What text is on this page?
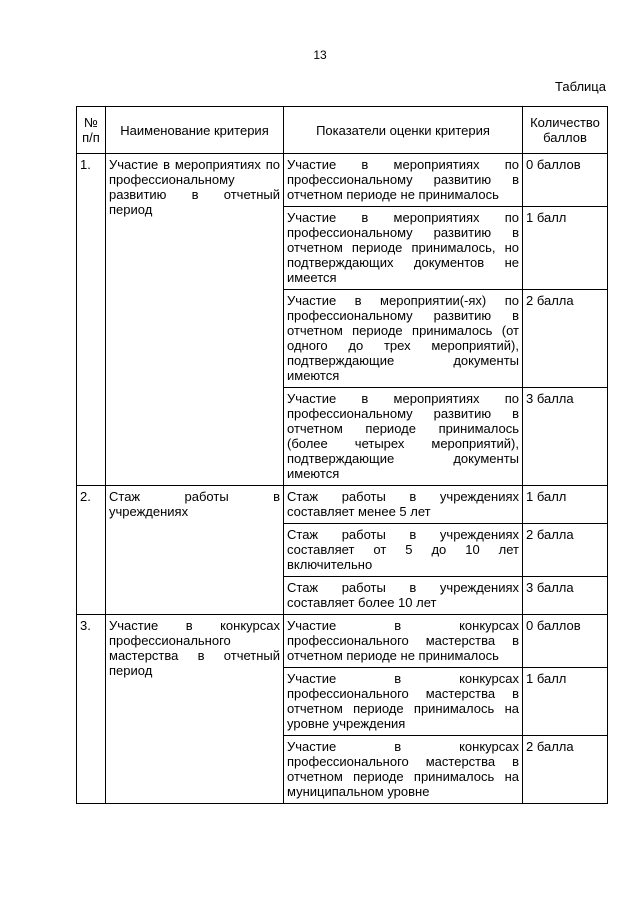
13
Таблица
№ п/п	Наименование критерия	Показатели оценки критерия	Количество баллов
1.	Участие в мероприятиях по профессиональному развитию в отчетный период	Участие в мероприятиях по профессиональному развитию в отчетном периоде не принималось	0 баллов
		Участие в мероприятиях по профессиональному развитию в отчетном периоде принималось, но подтверждающих документов не имеется	1 балл
		Участие в мероприятии(-ях) по профессиональному развитию в отчетном периоде принималось (от одного до трех мероприятий), подтверждающие документы имеются	2 балла
		Участие в мероприятиях по профессиональному развитию в отчетном периоде принималось (более четырех мероприятий), подтверждающие документы имеются	3 балла
2.	Стаж работы в учреждениях	Стаж работы в учреждениях составляет менее 5 лет	1 балл
		Стаж работы в учреждениях составляет от 5 до 10 лет включительно	2 балла
		Стаж работы в учреждениях составляет более 10 лет	3 балла
3.	Участие в конкурсах профессионального мастерства в отчетный период	Участие в конкурсах профессионального мастерства в отчетном периоде не принималось	0 баллов
		Участие в конкурсах профессионального мастерства в отчетном периоде принималось на уровне учреждения	1 балл
		Участие в конкурсах профессионального мастерства в отчетном периоде принималось на муниципальном уровне	2 балла
